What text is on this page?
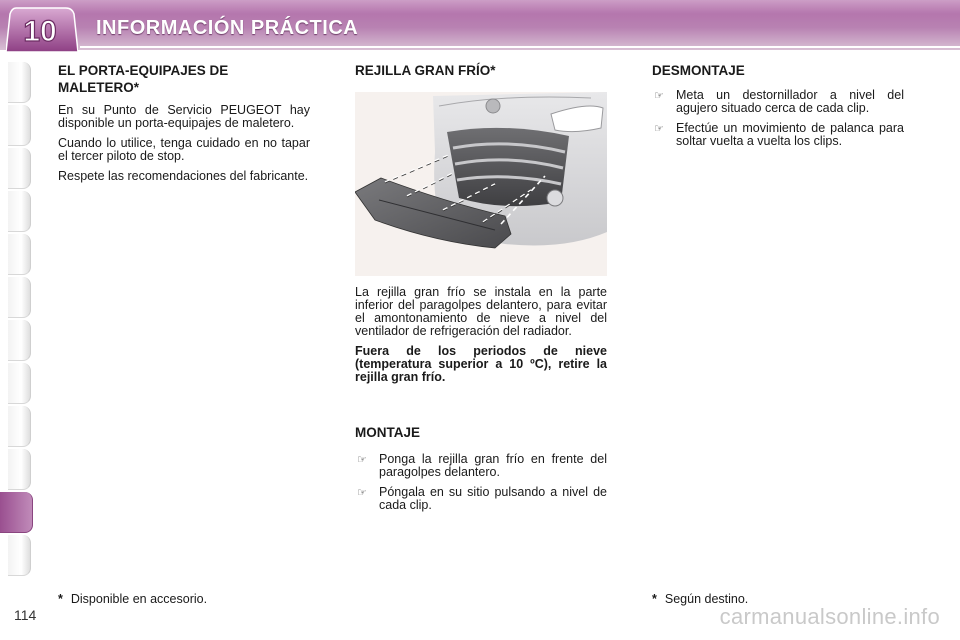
10 INFORMACIÓN PRÁCTICA
EL PORTA-EQUIPAJES DE
MALETERO*

En su Punto de Servicio PEUGEOT hay disponible un porta-equipajes de maletero.

Cuando lo utilice, tenga cuidado en no tapar el tercer piloto de stop.

Respete las recomendaciones del fabricante.

REJILLA GRAN FRÍO*

La rejilla gran frío se instala en la parte inferior del paragolpes delantero, para evitar el amontonamiento de nieve a nivel del ventilador de refrigeración del radiador.

Fuera de los periodos de nieve (temperatura superior a 10 ºC), retire la rejilla gran frío.

MONTAJE
☞ Ponga la rejilla gran frío en frente del paragolpes delantero.
☞ Póngala en su sitio pulsando a nivel de cada clip.
DESMONTAJE
☞ Meta un destornillador a nivel del agujero situado cerca de cada clip.
☞ Efectúe un movimiento de palanca para soltar vuelta a vuelta los clips.
* Disponible en accesorio.	* Según destino.
114	carmanualsonline.info
